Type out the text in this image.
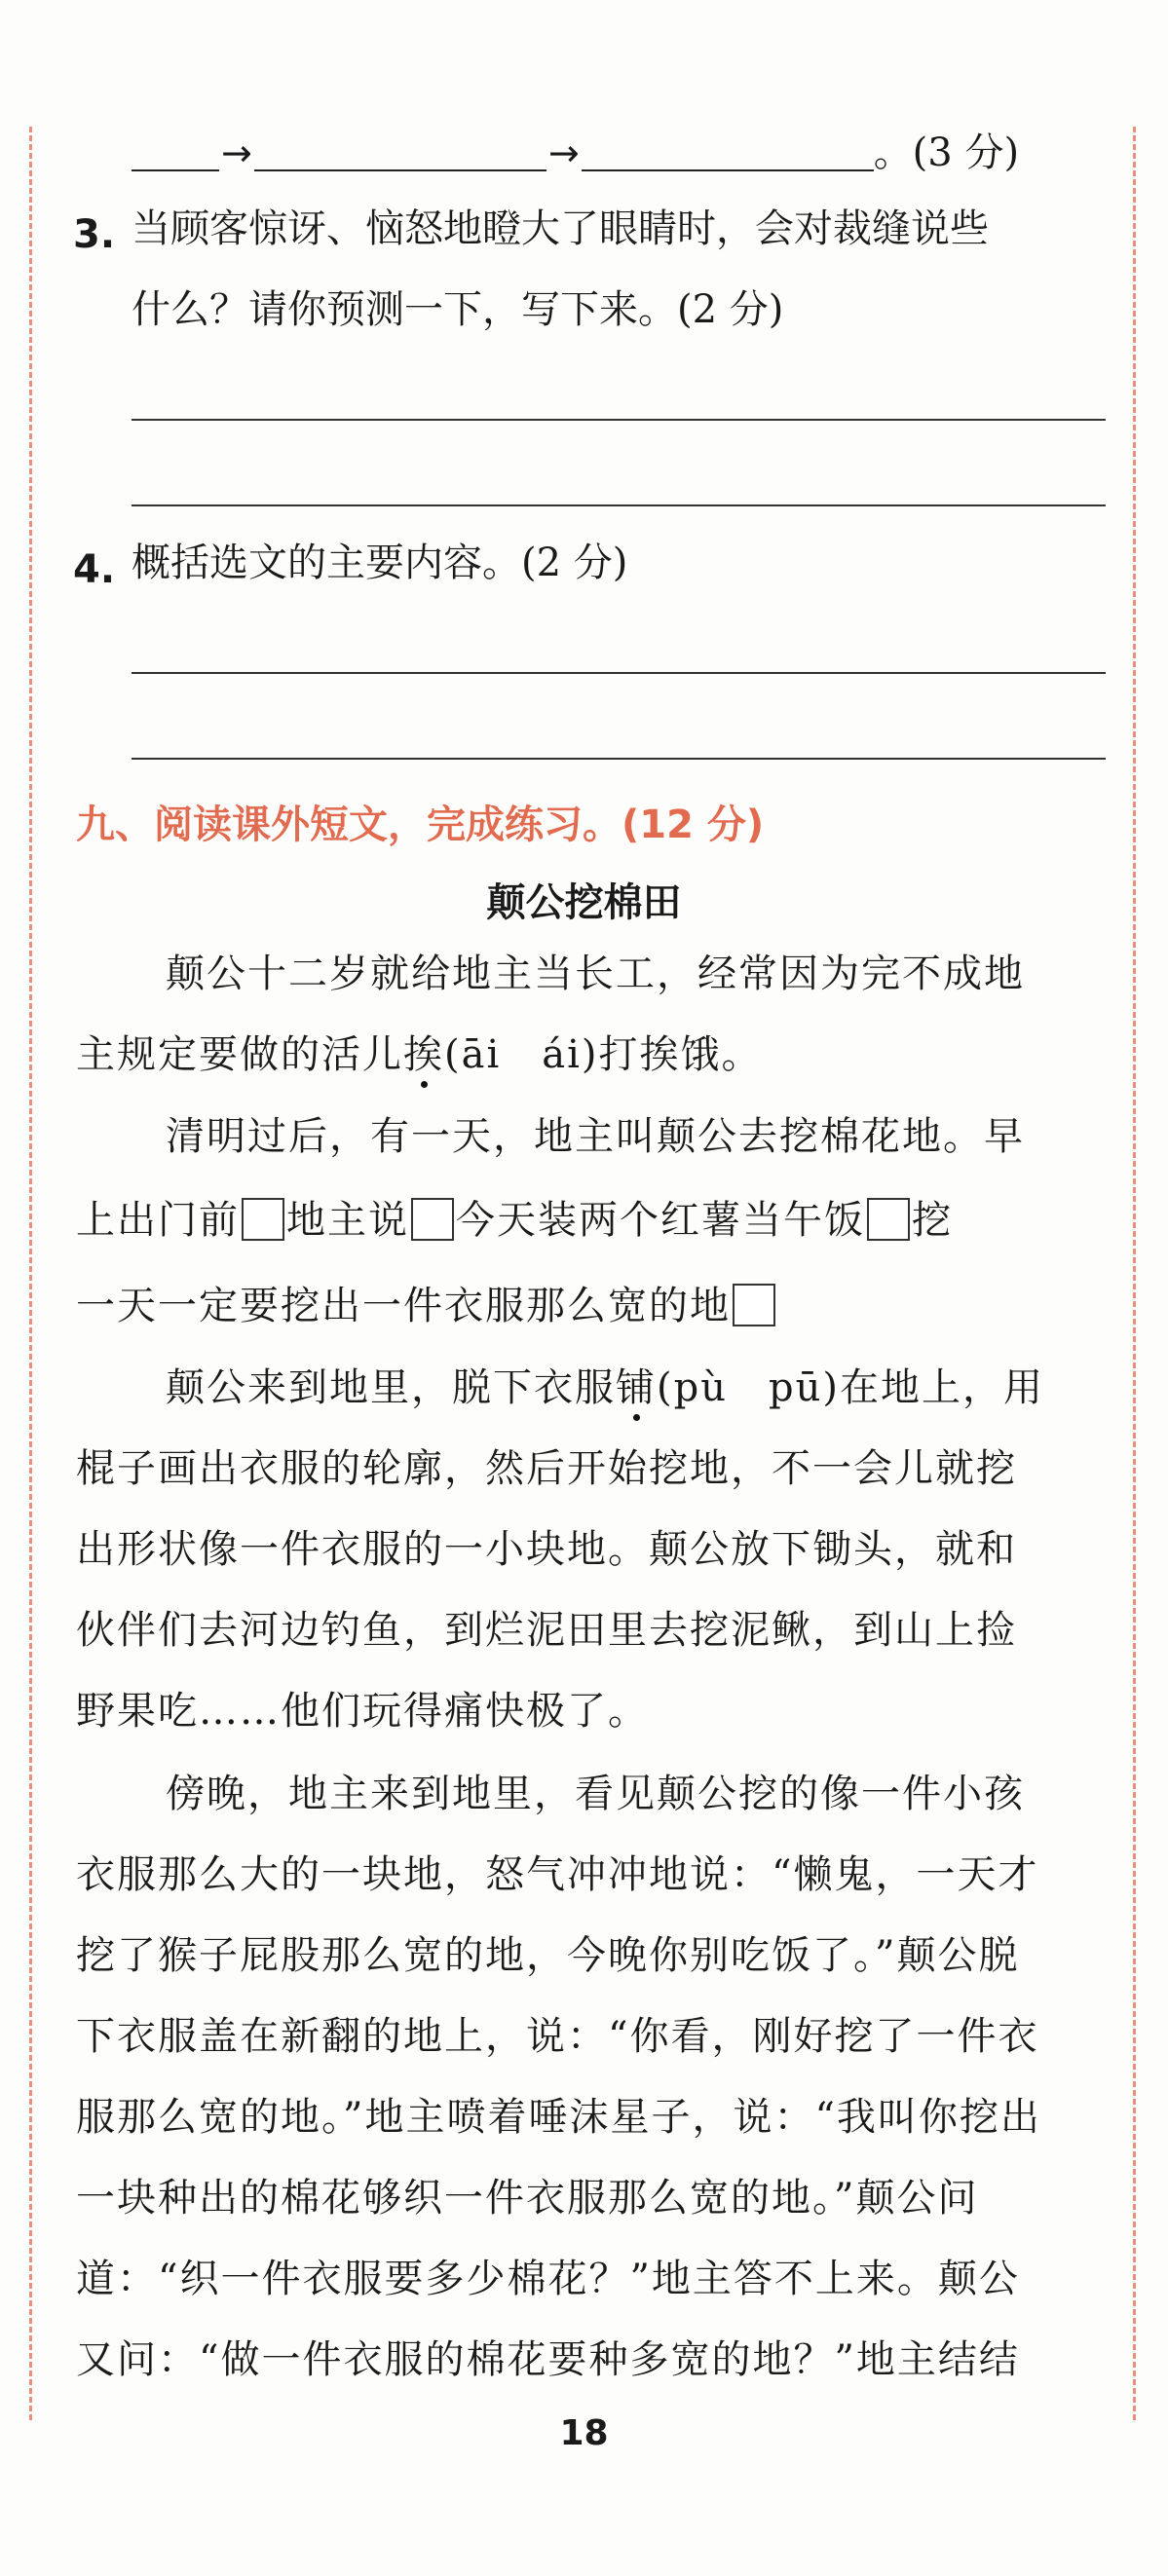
→	→	。(3 分)
3. 当顾客惊讶、恼怒地瞪大了眼睛时，会对裁缝说些
什么？请你预测一下，写下来。(2 分)
4. 概括选文的主要内容。(2 分)
九、阅读课外短文，完成练习。(12 分)
颠公挖棉田
颠公十二岁就给地主当长工，经常因为完不成地
主规定要做的活儿挨(āi　ái)打挨饿。
清明过后，有一天，地主叫颠公去挖棉花地。早
上出门前 地主说 今天装两个红薯当午饭 挖
一天一定要挖出一件衣服那么宽的地
颠公来到地里，脱下衣服铺(pù　pū)在地上，用
棍子画出衣服的轮廓，然后开始挖地，不一会儿就挖
出形状像一件衣服的一小块地。颠公放下锄头，就和
伙伴们去河边钓鱼，到烂泥田里去挖泥鳅，到山上捡
野果吃……他们玩得痛快极了。
傍晚，地主来到地里，看见颠公挖的像一件小孩
衣服那么大的一块地，怒气冲冲地说：“懒鬼，一天才
挖了猴子屁股那么宽的地，今晚你别吃饭了。”颠公脱
下衣服盖在新翻的地上，说：“你看，刚好挖了一件衣
服那么宽的地。”地主喷着唾沫星子，说：“我叫你挖出
一块种出的棉花够织一件衣服那么宽的地。”颠公问
道：“织一件衣服要多少棉花？”地主答不上来。颠公
又问：“做一件衣服的棉花要种多宽的地？”地主结结
18
